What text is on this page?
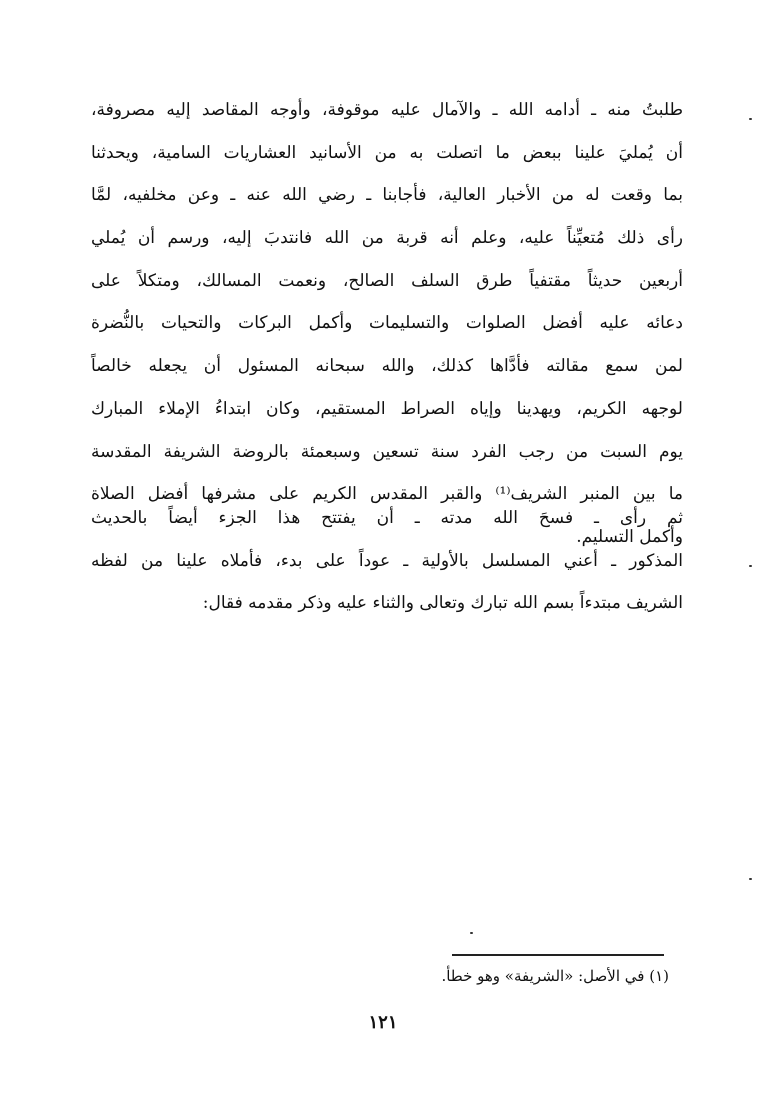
طلبتُ منه ـ أدامه الله ـ والآمال عليه موقوفة، وأوجه المقاصد إليه مصروفة،
أن يُمليَ علينا ببعض ما اتصلت به من الأسانيد العشاريات السامية، ويحدثنا
بما وقعت له من الأخبار العالية، فأجابنا ـ رضي الله عنه ـ وعن مخلفيه، لمَّا
رأى ذلك مُتعيِّناً عليه، وعلم أنه قربة من الله فانتدبَ إليه، ورسم أن يُملي
أربعين حديثاً مقتفياً طرق السلف الصالح، ونعمت المسالك، ومتكلاً على
دعائه عليه أفضل الصلوات والتسليمات وأكمل البركات والتحيات بالنُّضرة
لمن سمع مقالته فأدَّاها كذلك، والله سبحانه المسئول أن يجعله خالصاً
لوجهه الكريم، ويهدينا وإياه الصراط المستقيم، وكان ابتداءُ الإملاء المبارك
يوم السبت من رجب الفرد سنة تسعين وسبعمئة بالروضة الشريفة المقدسة
ما بين المنبر الشريف⁽¹⁾ والقبر المقدس الكريم على مشرفها أفضل الصلاة
وأكمل التسليم.
ثم رأى ـ فسحَ الله مدته ـ أن يفتتح هذا الجزء أيضاً بالحديث
المذكور ـ أعني المسلسل بالأولية ـ عوداً على بدء، فأملاه علينا من لفظه
الشريف مبتدءاً بسم الله تبارك وتعالى والثناء عليه وذكر مقدمه فقال:
(١) في الأصل: «الشريفة» وهو خطأ.
١٢١
